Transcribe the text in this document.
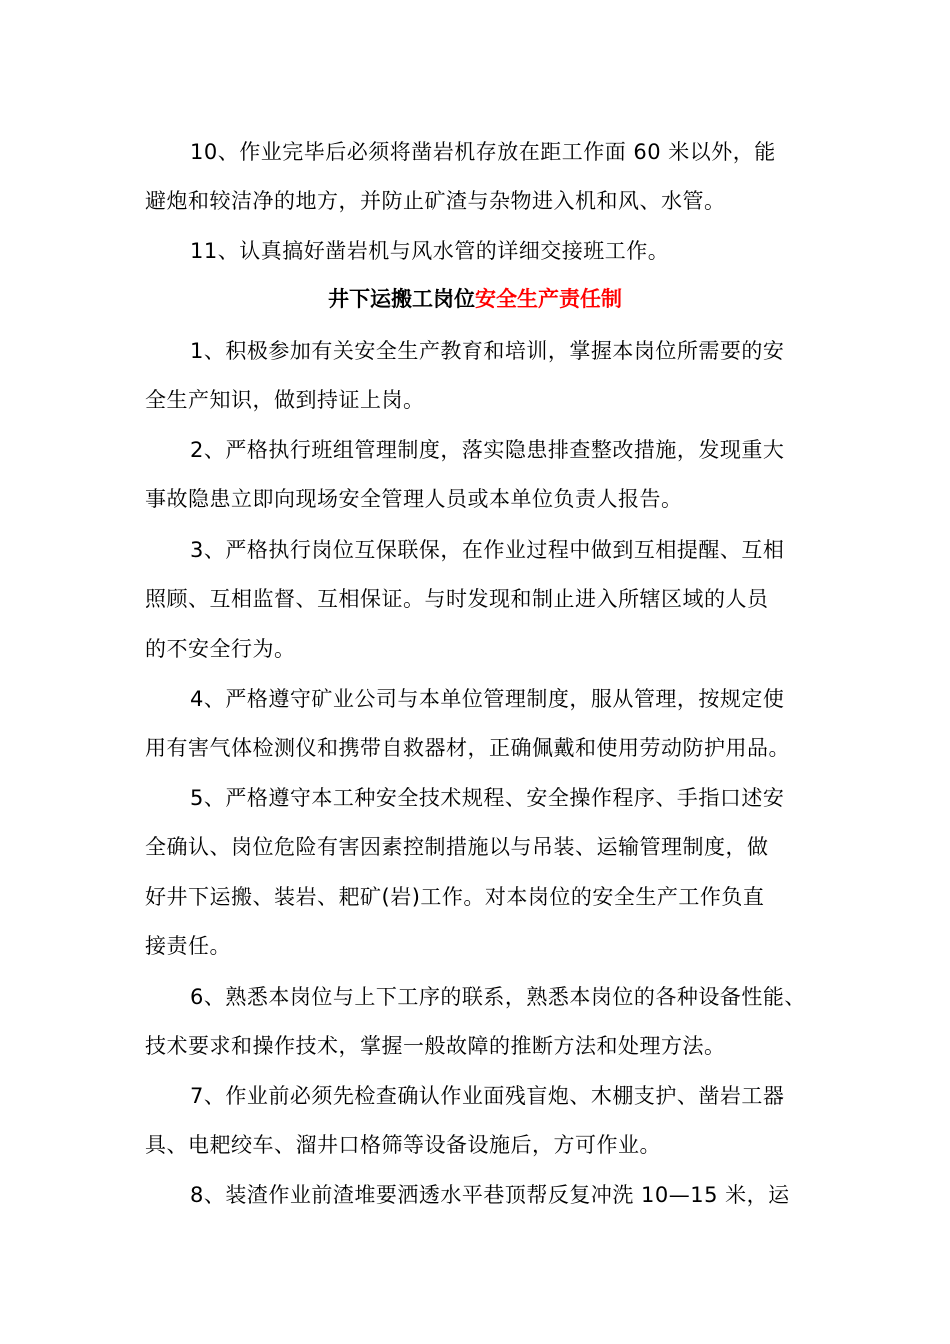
10、作业完毕后必须将凿岩机存放在距工作面 60 米以外，能
避炮和较洁净的地方，并防止矿渣与杂物进入机和风、水管。
11、认真搞好凿岩机与风水管的详细交接班工作。
井下运搬工岗位安全生产责任制
1、积极参加有关安全生产教育和培训，掌握本岗位所需要的安
全生产知识，做到持证上岗。
2、严格执行班组管理制度，落实隐患排查整改措施，发现重大
事故隐患立即向现场安全管理人员或本单位负责人报告。
3、严格执行岗位互保联保，在作业过程中做到互相提醒、互相
照顾、互相监督、互相保证。与时发现和制止进入所辖区域的人员
的不安全行为。
4、严格遵守矿业公司与本单位管理制度，服从管理，按规定使
用有害气体检测仪和携带自救器材，正确佩戴和使用劳动防护用品。
5、严格遵守本工种安全技术规程、安全操作程序、手指口述安
全确认、岗位危险有害因素控制措施以与吊装、运输管理制度，做
好井下运搬、装岩、耙矿(岩)工作。对本岗位的安全生产工作负直
接责任。
6、熟悉本岗位与上下工序的联系，熟悉本岗位的各种设备性能、
技术要求和操作技术，掌握一般故障的推断方法和处理方法。
7、作业前必须先检查确认作业面残盲炮、木棚支护、凿岩工器
具、电耙绞车、溜井口格筛等设备设施后，方可作业。
8、装渣作业前渣堆要洒透水平巷顶帮反复冲洗 10—15 米，运
